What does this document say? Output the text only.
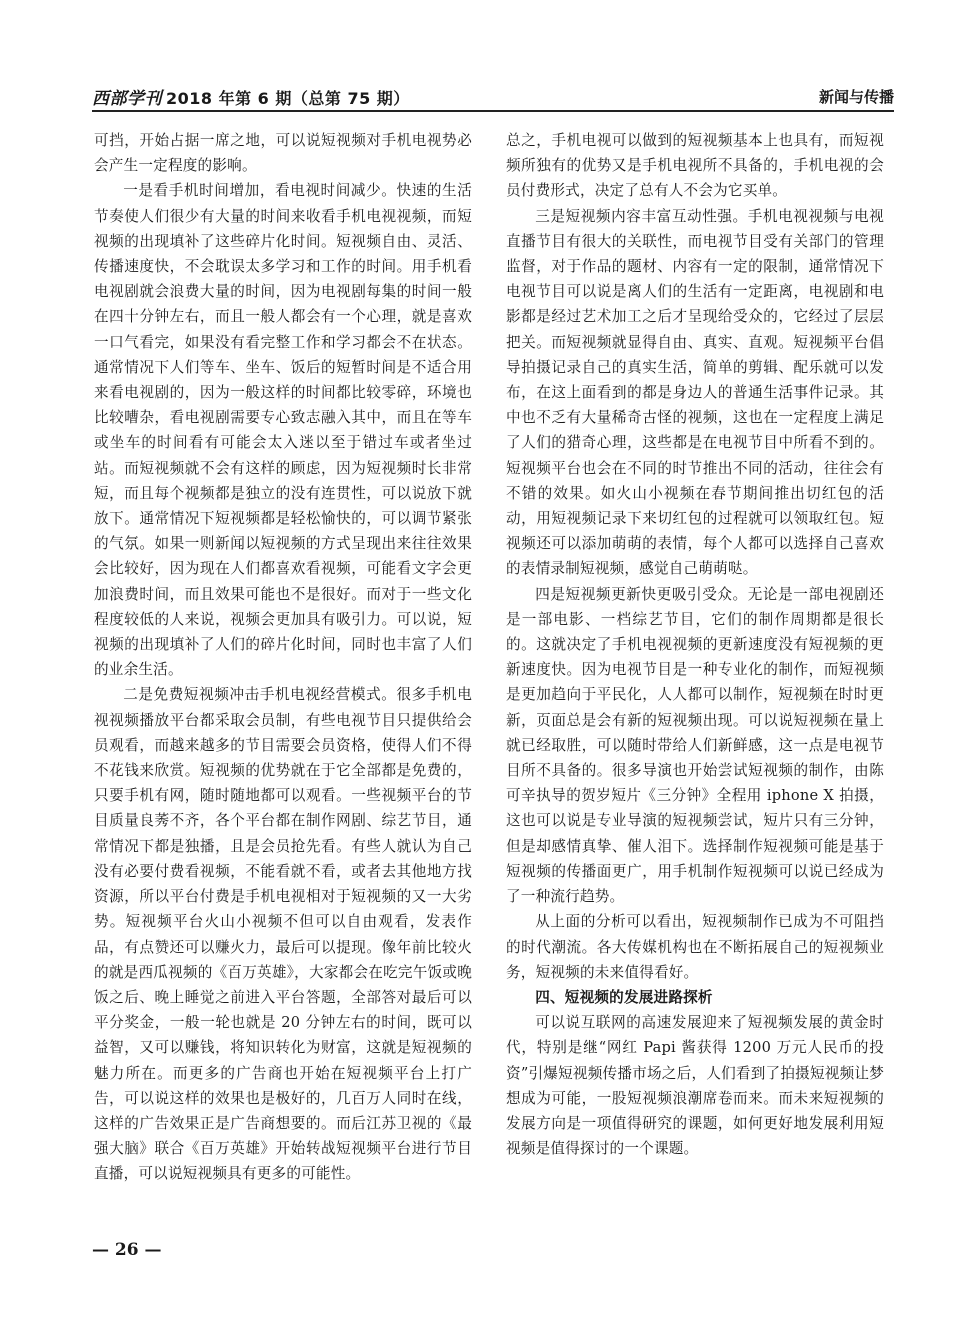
西部学刊 2018 年第 6 期（总第 75 期）	新闻与传播

可挡，开始占据一席之地，可以说短视频对手机电视势必会产生一定程度的影响。

一是看手机时间增加，看电视时间减少。快速的生活节奏使人们很少有大量的时间来收看手机电视视频，而短视频的出现填补了这些碎片化时间。短视频自由、灵活、传播速度快，不会耽误太多学习和工作的时间。用手机看电视剧就会浪费大量的时间，因为电视剧每集的时间一般在四十分钟左右，而且一般人都会有一个心理，就是喜欢一口气看完，如果没有看完整工作和学习都会不在状态。通常情况下人们等车、坐车、饭后的短暂时间是不适合用来看电视剧的，因为一般这样的时间都比较零碎，环境也比较嘈杂，看电视剧需要专心致志融入其中，而且在等车或坐车的时间看有可能会太入迷以至于错过车或者坐过站。而短视频就不会有这样的顾虑，因为短视频时长非常短，而且每个视频都是独立的没有连贯性，可以说放下就放下。通常情况下短视频都是轻松愉快的，可以调节紧张的气氛。如果一则新闻以短视频的方式呈现出来往往效果会比较好，因为现在人们都喜欢看视频，可能看文字会更加浪费时间，而且效果可能也不是很好。而对于一些文化程度较低的人来说，视频会更加具有吸引力。可以说，短视频的出现填补了人们的碎片化时间，同时也丰富了人们的业余生活。

二是免费短视频冲击手机电视经营模式。很多手机电视视频播放平台都采取会员制，有些电视节目只提供给会员观看，而越来越多的节目需要会员资格，使得人们不得不花钱来欣赏。短视频的优势就在于它全部都是免费的，只要手机有网，随时随地都可以观看。一些视频平台的节目质量良莠不齐，各个平台都在制作网剧、综艺节目，通常情况下都是独播，且是会员抢先看。有些人就认为自己没有必要付费看视频，不能看就不看，或者去其他地方找资源，所以平台付费是手机电视相对于短视频的又一大劣势。短视频平台火山小视频不但可以自由观看，发表作品，有点赞还可以赚火力，最后可以提现。像年前比较火的就是西瓜视频的《百万英雄》，大家都会在吃完午饭或晚饭之后、晚上睡觉之前进入平台答题，全部答对最后可以平分奖金，一般一轮也就是 20 分钟左右的时间，既可以益智，又可以赚钱，将知识转化为财富，这就是短视频的魅力所在。而更多的广告商也开始在短视频平台上打广告，可以说这样的效果也是极好的，几百万人同时在线，这样的广告效果正是广告商想要的。而后江苏卫视的《最强大脑》联合《百万英雄》开始转战短视频平台进行节目直播，可以说短视频具有更多的可能性。

总之，手机电视可以做到的短视频基本上也具有，而短视频所独有的优势又是手机电视所不具备的，手机电视的会员付费形式，决定了总有人不会为它买单。

三是短视频内容丰富互动性强。手机电视视频与电视直播节目有很大的关联性，而电视节目受有关部门的管理监督，对于作品的题材、内容有一定的限制，通常情况下电视节目可以说是离人们的生活有一定距离，电视剧和电影都是经过艺术加工之后才呈现给受众的，它经过了层层把关。而短视频就显得自由、真实、直观。短视频平台倡导拍摄记录自己的真实生活，简单的剪辑、配乐就可以发布，在这上面看到的都是身边人的普通生活事件记录。其中也不乏有大量稀奇古怪的视频，这也在一定程度上满足了人们的猎奇心理，这些都是在电视节目中所看不到的。短视频平台也会在不同的时节推出不同的活动，往往会有不错的效果。如火山小视频在春节期间推出切红包的活动，用短视频记录下来切红包的过程就可以领取红包。短视频还可以添加萌萌的表情，每个人都可以选择自己喜欢的表情录制短视频，感觉自己萌萌哒。

四是短视频更新快更吸引受众。无论是一部电视剧还是一部电影、一档综艺节目，它们的制作周期都是很长的。这就决定了手机电视视频的更新速度没有短视频的更新速度快。因为电视节目是一种专业化的制作，而短视频是更加趋向于平民化，人人都可以制作，短视频在时时更新，页面总是会有新的短视频出现。可以说短视频在量上就已经取胜，可以随时带给人们新鲜感，这一点是电视节目所不具备的。很多导演也开始尝试短视频的制作，由陈可辛执导的贺岁短片《三分钟》全程用 iphone X 拍摄，这也可以说是专业导演的短视频尝试，短片只有三分钟，但是却感情真挚、催人泪下。选择制作短视频可能是基于短视频的传播面更广，用手机制作短视频可以说已经成为了一种流行趋势。

从上面的分析可以看出，短视频制作已成为不可阻挡的时代潮流。各大传媒机构也在不断拓展自己的短视频业务，短视频的未来值得看好。

四、短视频的发展进路探析

可以说互联网的高速发展迎来了短视频发展的黄金时代，特别是继“网红 Papi 酱获得 1200 万元人民币的投资”引爆短视频传播市场之后，人们看到了拍摄短视频让梦想成为可能，一股短视频浪潮席卷而来。而未来短视频的发展方向是一项值得研究的课题，如何更好地发展利用短视频是值得探讨的一个课题。

— 26 —
